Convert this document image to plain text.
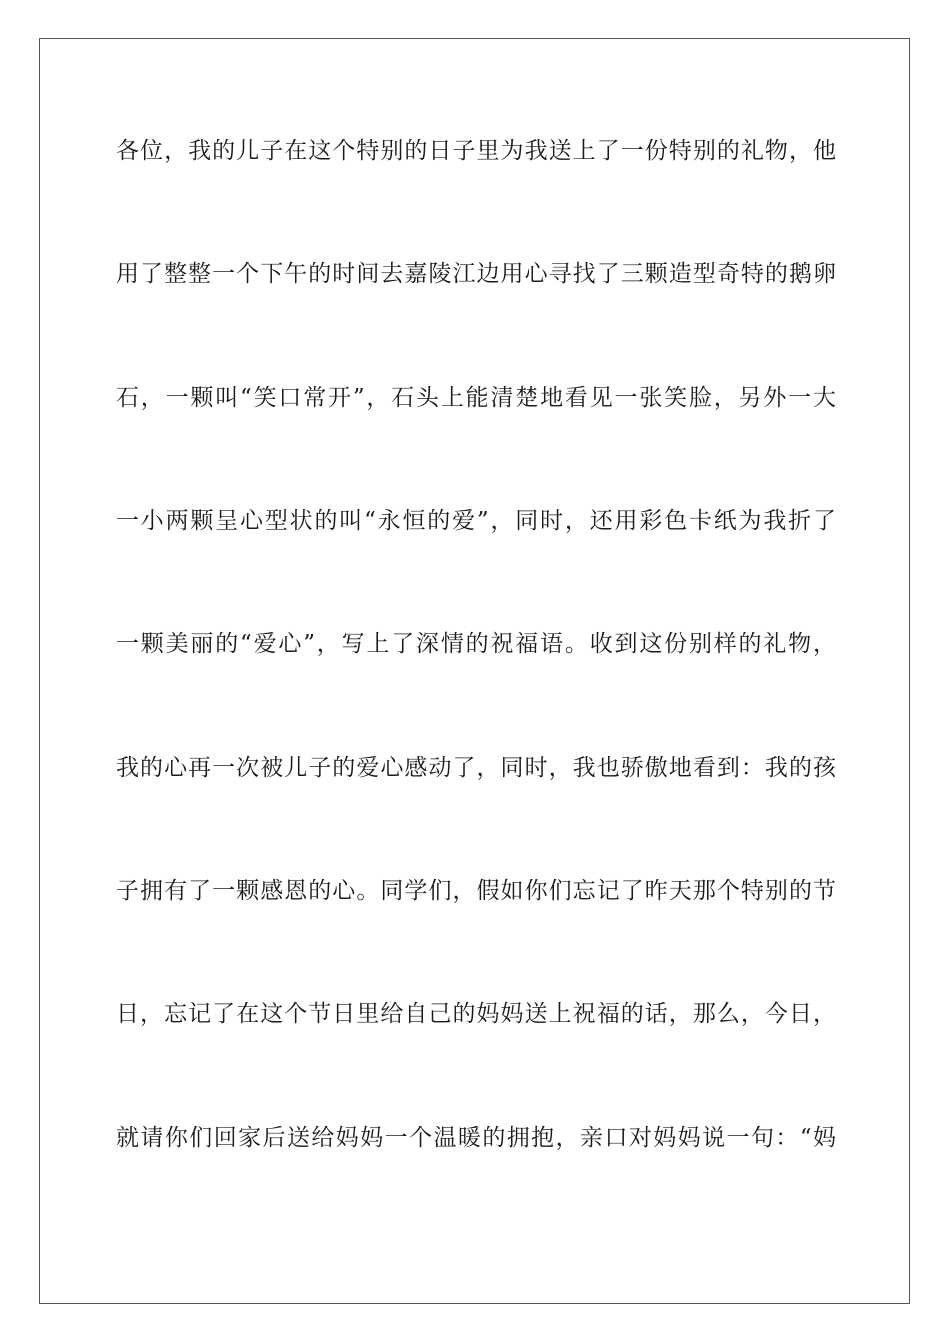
各位，我的儿子在这个特别的日子里为我送上了一份特别的礼物，他
用了整整一个下午的时间去嘉陵江边用心寻找了三颗造型奇特的鹅卵
石，一颗叫“笑口常开”，石头上能清楚地看见一张笑脸，另外一大
一小两颗呈心型状的叫“永恒的爱”，同时，还用彩色卡纸为我折了
一颗美丽的“爱心”，写上了深情的祝福语。收到这份别样的礼物，
我的心再一次被儿子的爱心感动了，同时，我也骄傲地看到：我的孩
子拥有了一颗感恩的心。同学们，假如你们忘记了昨天那个特别的节
日，忘记了在这个节日里给自己的妈妈送上祝福的话，那么，今日，
就请你们回家后送给妈妈一个温暖的拥抱，亲口对妈妈说一句：“妈
